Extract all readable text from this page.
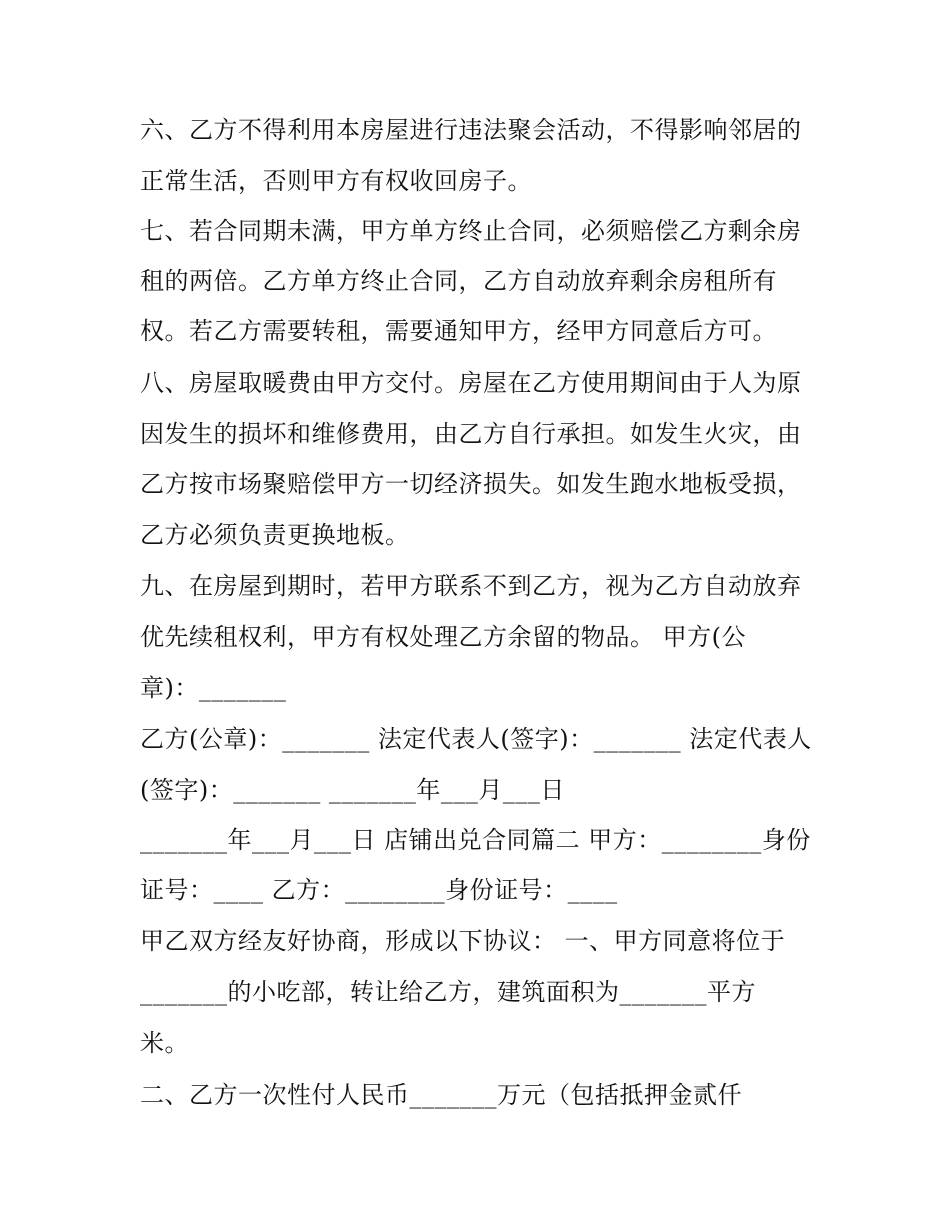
六、乙方不得利用本房屋进行违法聚会活动，不得影响邻居的
正常生活，否则甲方有权收回房子。
七、若合同期未满，甲方单方终止合同，必须赔偿乙方剩余房
租的两倍。乙方单方终止合同，乙方自动放弃剩余房租所有
权。若乙方需要转租，需要通知甲方，经甲方同意后方可。
八、房屋取暖费由甲方交付。房屋在乙方使用期间由于人为原
因发生的损坏和维修费用，由乙方自行承担。如发生火灾，由
乙方按市场聚赔偿甲方一切经济损失。如发生跑水地板受损，
乙方必须负责更换地板。
九、在房屋到期时，若甲方联系不到乙方，视为乙方自动放弃
优先续租权利，甲方有权处理乙方余留的物品。 甲方(公
章)：_______
乙方(公章)：_______ 法定代表人(签字)：_______ 法定代表人
(签字)：_______ _______年___月___日
_______年___月___日 店铺出兑合同篇二 甲方：________身份
证号：____ 乙方：________身份证号：____
甲乙双方经友好协商，形成以下协议： 一、甲方同意将位于
_______的小吃部，转让给乙方，建筑面积为_______平方
米。
二、乙方一次性付人民币_______万元（包括抵押金贰仟
